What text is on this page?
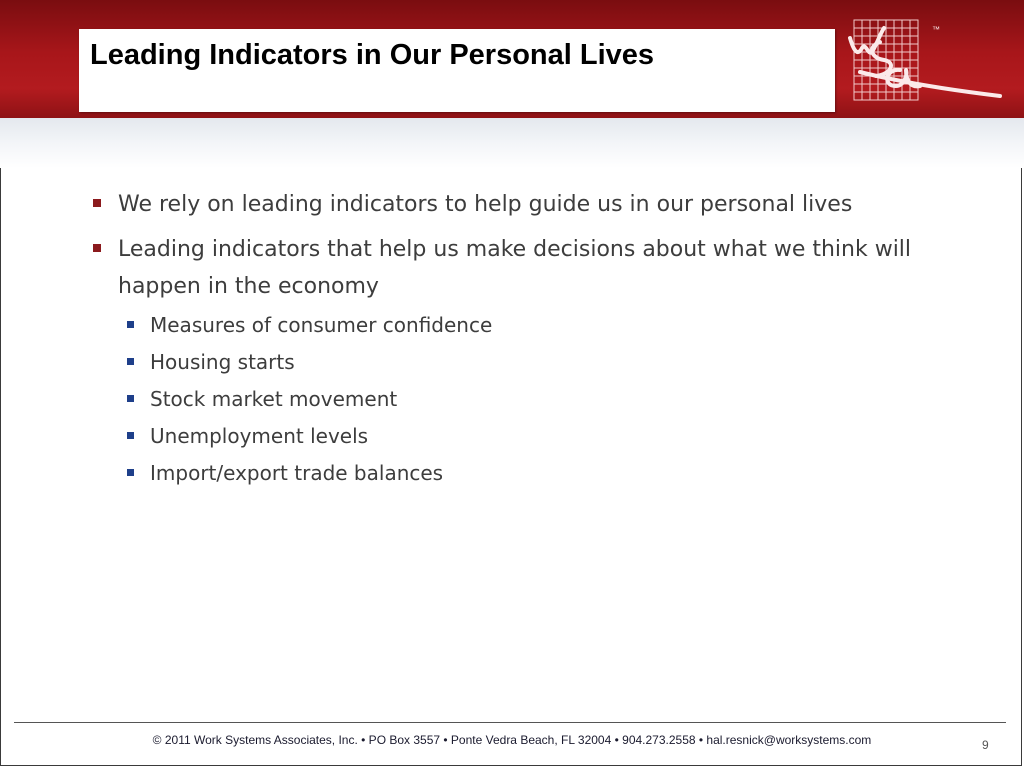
Leading Indicators in Our Personal Lives
™
We rely on leading indicators to help guide us in our personal lives
Leading indicators that help us make decisions about what we think will happen in the economy
Measures of consumer confidence
Housing starts
Stock market movement
Unemployment levels
Import/export trade balances
© 2011 Work Systems Associates, Inc. • PO Box 3557 • Ponte Vedra Beach, FL 32004 • 904.273.2558 • hal.resnick@worksystems.com	9
